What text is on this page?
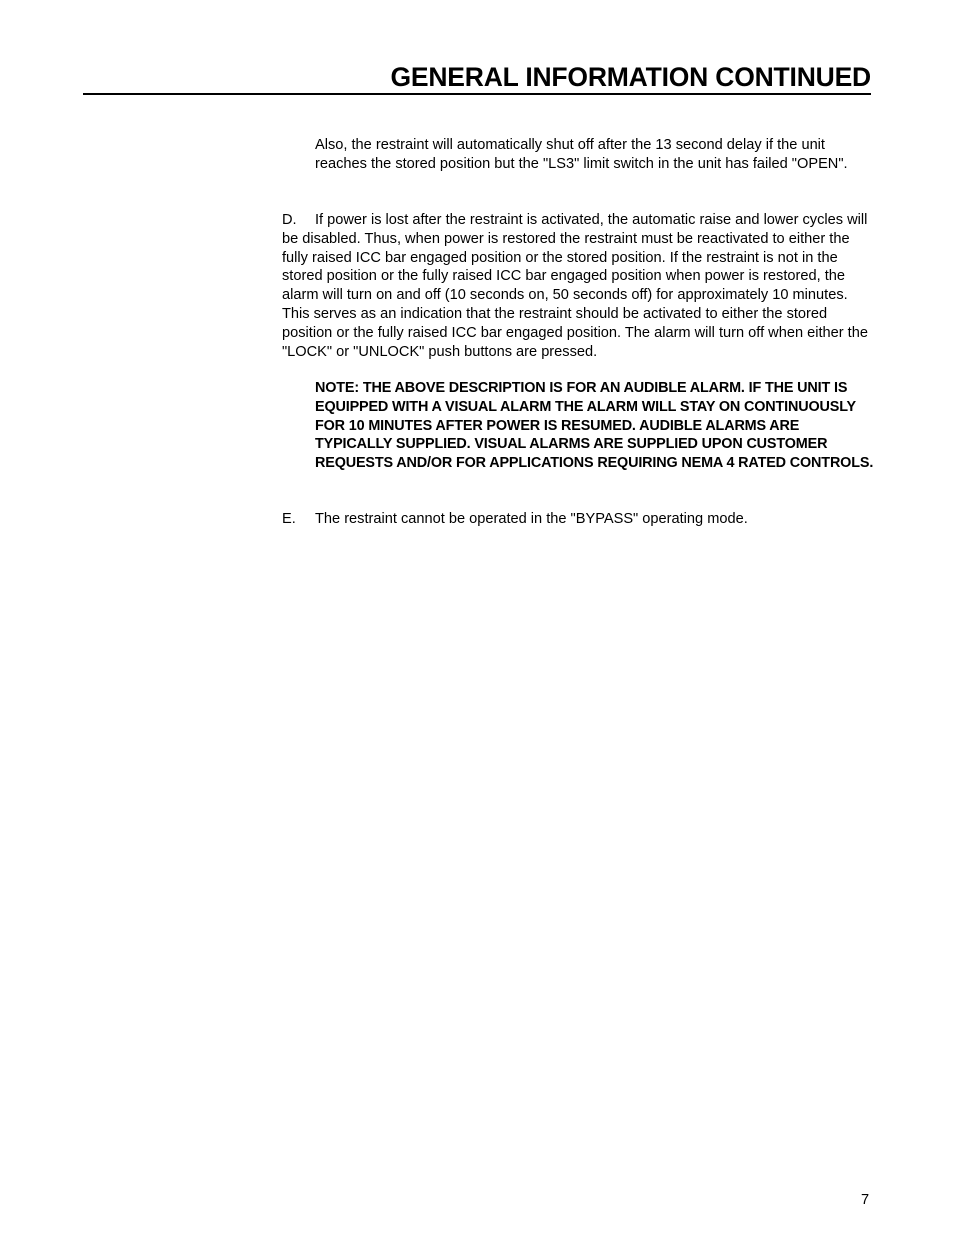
GENERAL INFORMATION CONTINUED

Also, the restraint will automatically shut off after the 13 second delay if the unit reaches the stored position but the "LS3" limit switch in the unit has failed "OPEN".

D. If power is lost after the restraint is activated, the automatic raise and lower cycles will be disabled. Thus, when power is restored the restraint must be reactivated to either the fully raised ICC bar engaged position or the stored position. If the restraint is not in the stored position or the fully raised ICC bar engaged position when power is restored, the alarm will turn on and off (10 seconds on, 50 seconds off) for approximately 10 minutes. This serves as an indication that the restraint should be activated to either the stored position or the fully raised ICC bar engaged position. The alarm will turn off when either the "LOCK" or "UNLOCK" push buttons are pressed.

NOTE: THE ABOVE DESCRIPTION IS FOR AN AUDIBLE ALARM. IF THE UNIT IS EQUIPPED WITH A VISUAL ALARM THE ALARM WILL STAY ON CONTINUOUSLY FOR 10 MINUTES AFTER POWER IS RESUMED. AUDIBLE ALARMS ARE TYPICALLY SUPPLIED. VISUAL ALARMS ARE SUPPLIED UPON CUSTOMER REQUESTS AND/OR FOR APPLICATIONS REQUIRING NEMA 4 RATED CONTROLS.

E. The restraint cannot be operated in the "BYPASS" operating mode.

7
